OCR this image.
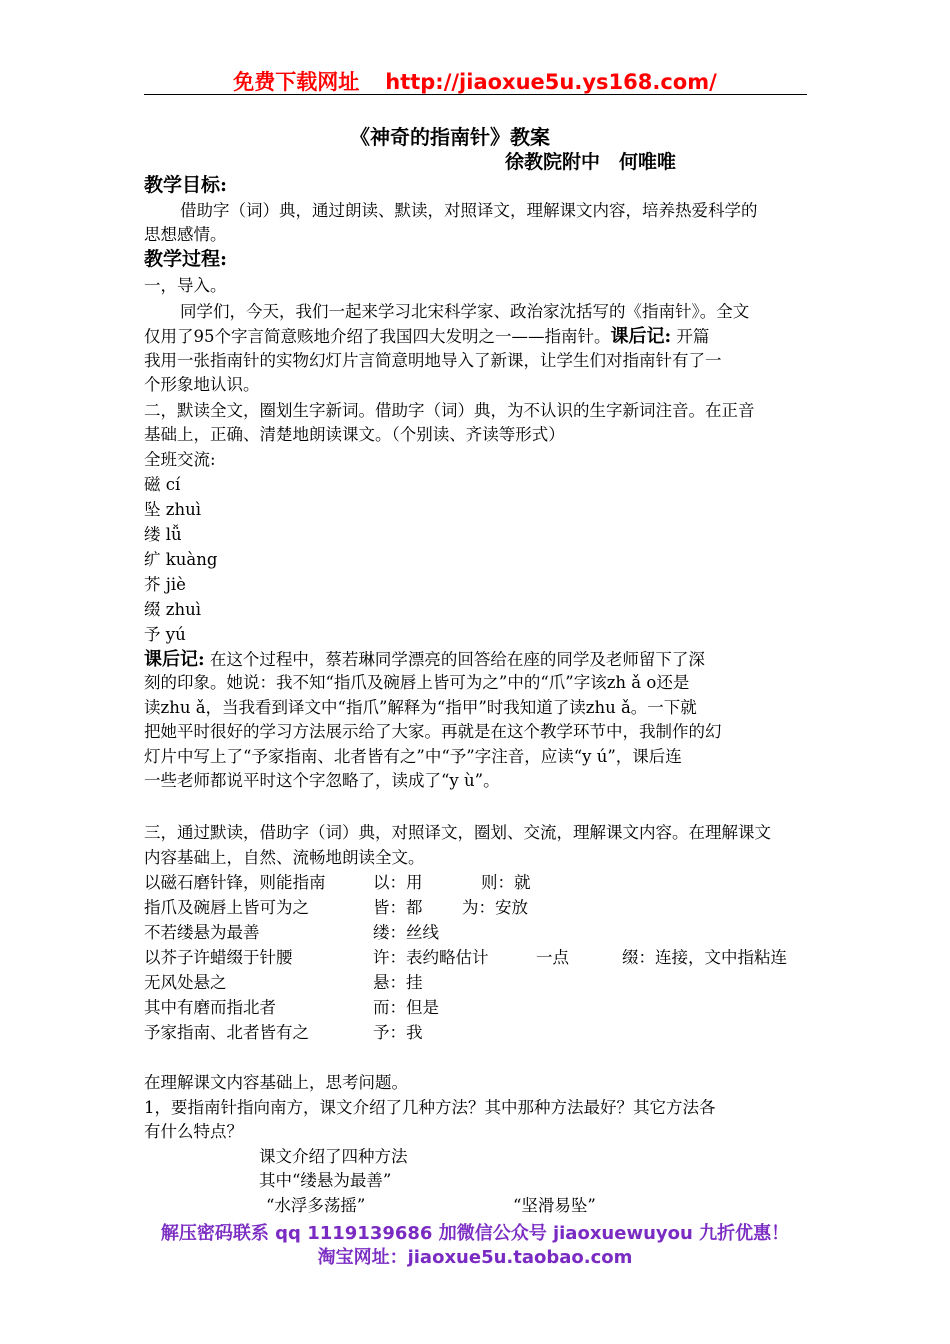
免费下载网址 http://jiaoxue5u.ys168.com/
《神奇的指南针》教案
徐教院附中　何唯唯
教学目标:
借助字（词）典，通过朗读、默读，对照译文，理解课文内容，培养热爱科学的
思想感情。
教学过程:
一，导入。
同学们，今天，我们一起来学习北宋科学家、政治家沈括写的《指南针》。全文
仅用了95个字言简意赅地介绍了我国四大发明之一——指南针。课后记: 开篇
我用一张指南针的实物幻灯片言简意明地导入了新课，让学生们对指南针有了一
个形象地认识。
二，默读全文，圈划生字新词。借助字（词）典，为不认识的生字新词注音。在正音
基础上，正确、清楚地朗读课文。（个别读、齐读等形式）
全班交流:
磁 cí
坠 zhuì
缕 lǚ
纩 kuàng
芥 jiè
缀 zhuì
予 yú
课后记: 在这个过程中，蔡若琳同学漂亮的回答给在座的同学及老师留下了深
刻的印象。她说：我不知“指爪及碗唇上皆可为之”中的“爪”字该zh ǎ o还是
读zhu ǎ，当我看到译文中“指爪”解释为“指甲”时我知道了读zhu ǎ。一下就
把她平时很好的学习方法展示给了大家。再就是在这个教学环节中，我制作的幻
灯片中写上了“予家指南、北者皆有之”中“予”字注音，应读“y ú”，课后连
一些老师都说平时这个字忽略了，读成了“y ù”。
三，通过默读，借助字（词）典，对照译文，圈划、交流，理解课文内容。在理解课文
内容基础上，自然、流畅地朗读全文。
以磁石磨针锋，则能指南	以：用	则：就
指爪及碗唇上皆可为之	皆：都 为：安放
不若缕悬为最善	缕：丝线
以芥子许蜡缀于针腰	许：表约略估计	一点	缀：连接，文中指粘连
无风处悬之	悬：挂
其中有磨而指北者	而：但是
予家指南、北者皆有之	予：我
在理解课文内容基础上，思考问题。
1，要指南针指向南方，课文介绍了几种方法？其中那种方法最好？其它方法各
有什么特点？
课文介绍了四种方法
其中“缕悬为最善”
“水浮多荡摇”	“坚滑易坠”
解压密码联系 qq 1119139686 加微信公众号 jiaoxuewuyou 九折优惠！
淘宝网址：jiaoxue5u.taobao.com
